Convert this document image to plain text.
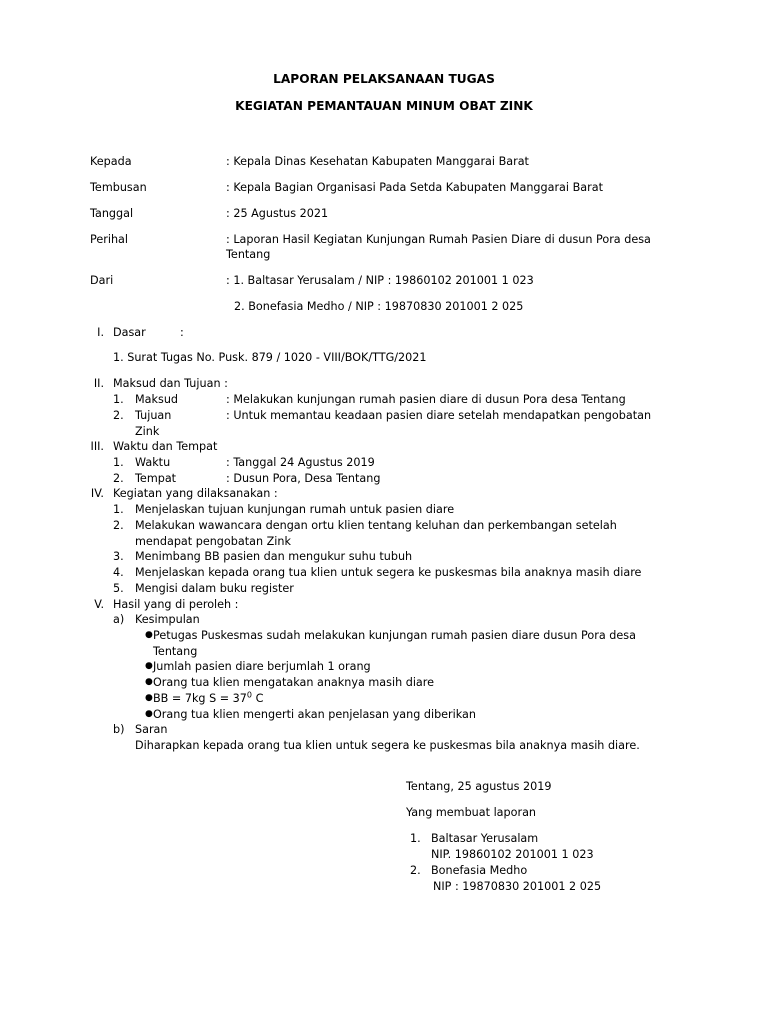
LAPORAN PELAKSANAAN TUGAS
KEGIATAN PEMANTAUAN MINUM OBAT ZINK
Kepada	: Kepala Dinas Kesehatan Kabupaten Manggarai Barat
Tembusan	: Kepala Bagian Organisasi Pada Setda Kabupaten Manggarai Barat
Tanggal	: 25 Agustus 2021
Perihal	: Laporan Hasil Kegiatan Kunjungan Rumah Pasien Diare di dusun Pora desa Tentang
Dari	: 1. Baltasar Yerusalam / NIP : 19860102 201001 1 023
2. Bonefasia Medho / NIP : 19870830 201001 2 025
I. Dasar	:
1. Surat Tugas No. Pusk. 879 / 1020 - VIII/BOK/TTG/2021
II. Maksud dan Tujuan :
1. Maksud	: Melakukan kunjungan rumah pasien diare di dusun Pora desa Tentang
2. Tujuan	: Untuk memantau keadaan pasien diare setelah mendapatkan pengobatan
Zink
III. Waktu dan Tempat
1. Waktu	: Tanggal 24 Agustus 2019
2. Tempat	: Dusun Pora, Desa Tentang
IV. Kegiatan yang dilaksanakan :
1. Menjelaskan tujuan kunjungan rumah untuk pasien diare
2. Melakukan wawancara dengan ortu klien tentang keluhan dan perkembangan setelah
mendapat pengobatan Zink
3. Menimbang BB pasien dan mengukur suhu tubuh
4. Menjelaskan kepada orang tua klien untuk segera ke puskesmas bila anaknya masih diare
5. Mengisi dalam buku register
V. Hasil yang di peroleh :
a) Kesimpulan
● Petugas Puskesmas sudah melakukan kunjungan rumah pasien diare dusun Pora desa
Tentang
● Jumlah pasien diare berjumlah 1 orang
● Orang tua klien mengatakan anaknya masih diare
● BB = 7kg $S = 37^0$ C
● Orang tua klien mengerti akan penjelasan yang diberikan
b) Saran
Diharapkan kepada orang tua klien untuk segera ke puskesmas bila anaknya masih diare.
Tentang, 25 agustus 2019
Yang membuat laporan
1. Baltasar Yerusalam
NIP. 19860102 201001 1 023
2. Bonefasia Medho
NIP : 19870830 201001 2 025
